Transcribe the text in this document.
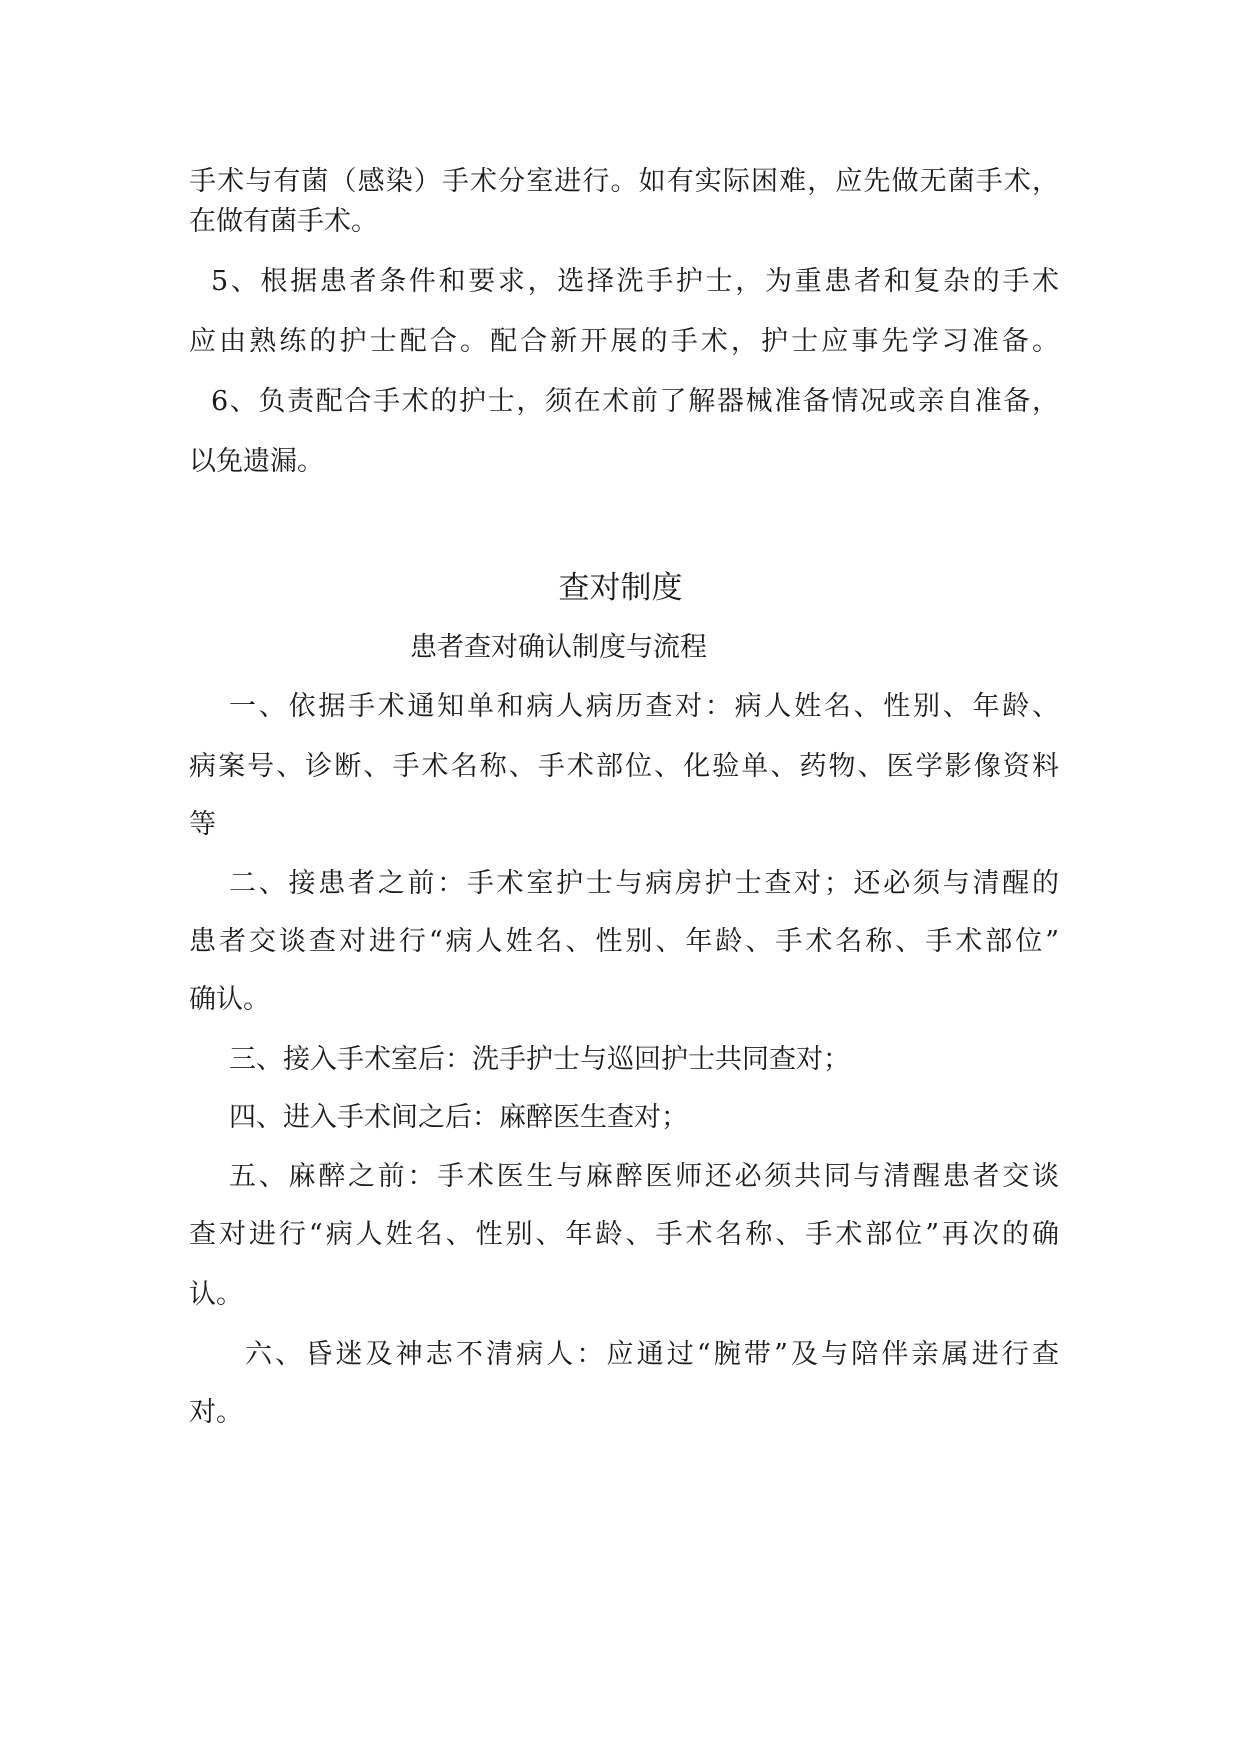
手术与有菌（感染）手术分室进行。如有实际困难，应先做无菌手术，
在做有菌手术。
5、根据患者条件和要求，选择洗手护士，为重患者和复杂的手术
应由熟练的护士配合。配合新开展的手术，护士应事先学习准备。
6、负责配合手术的护士，须在术前了解器械准备情况或亲自准备，
以免遗漏。
查对制度
患者查对确认制度与流程
一、依据手术通知单和病人病历查对：病人姓名、性别、年龄、
病案号、诊断、手术名称、手术部位、化验单、药物、医学影像资料
等
二、接患者之前：手术室护士与病房护士查对；还必须与清醒的
患者交谈查对进行“病人姓名、性别、年龄、手术名称、手术部位”
确认。
三、接入手术室后：洗手护士与巡回护士共同查对；
四、进入手术间之后：麻醉医生查对；
五、麻醉之前：手术医生与麻醉医师还必须共同与清醒患者交谈
查对进行“病人姓名、性别、年龄、手术名称、手术部位”再次的确
认。
六、昏迷及神志不清病人：应通过“腕带”及与陪伴亲属进行查
对。
